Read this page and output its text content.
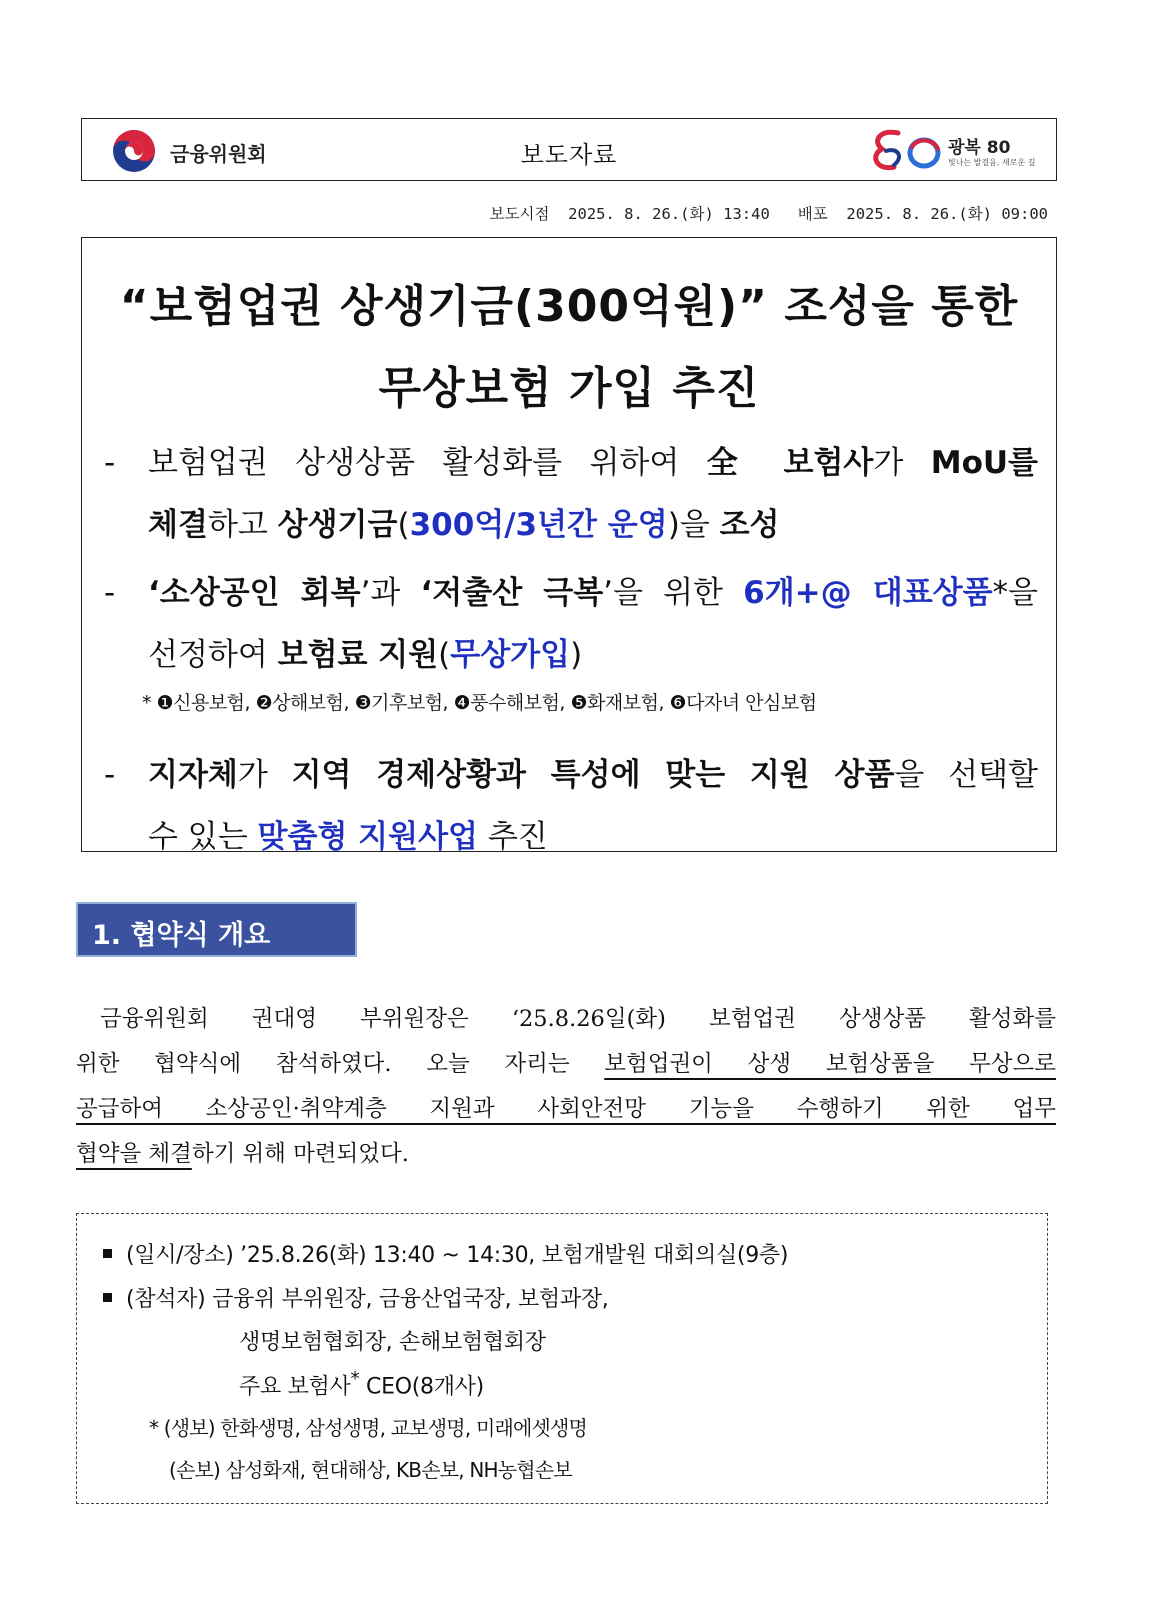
금융위원회	보도자료	광복 80
빛나는 발걸음, 새로운 길
보도시점  2025. 8. 26.(화) 13:40   배포  2025. 8. 26.(화) 09:00
“보험업권 상생기금(300억원)” 조성을 통한
무상보험 가입 추진
-	보험업권 상생상품 활성화를 위하여 全 보험사가 MoU를
체결하고 상생기금(300억/3년간 운영)을 조성
-	‘소상공인 회복’과 ‘저출산 극복’을 위한 6개+@ 대표상품*을
선정하여 보험료 지원(무상가입)
* ❶신용보험, ❷상해보험, ❸기후보험, ❹풍수해보험, ❺화재보험, ❻다자녀 안심보험
-	지자체가 지역 경제상황과 특성에 맞는 지원 상품을 선택할
수 있는 맞춤형 지원사업 추진
1. 협약식 개요
금융위원회 권대영 부위원장은 ‘25.8.26일(화) 보험업권 상생상품 활성화를
위한 협약식에 참석하였다. 오늘 자리는 보험업권이 상생 보험상품을 무상으로
공급하여 소상공인·취약계층 지원과 사회안전망 기능을 수행하기 위한 업무
협약을 체결하기 위해 마련되었다.
(일시/장소) ’25.8.26(화) 13:40 ~ 14:30, 보험개발원 대회의실(9층)
(참석자) 금융위 부위원장, 금융산업국장, 보험과장,
생명보험협회장, 손해보험협회장
주요 보험사* CEO(8개사)
* (생보) 한화생명, 삼성생명, 교보생명, 미래에셋생명
(손보) 삼성화재, 현대해상, KB손보, NH농협손보
